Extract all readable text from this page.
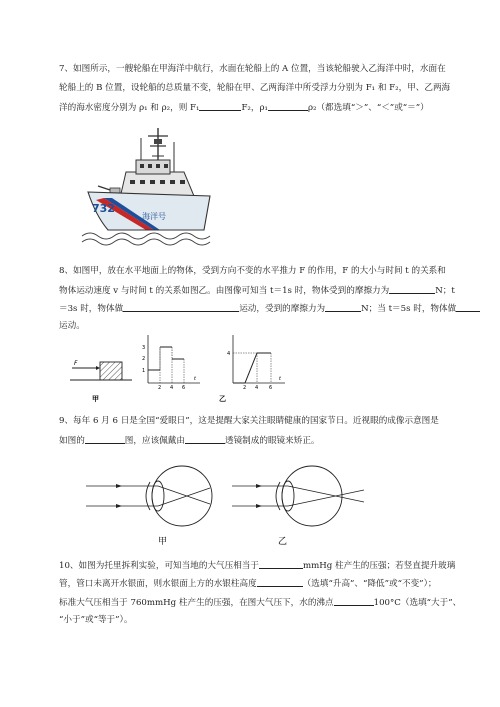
7、如图所示，一艘轮船在甲海洋中航行，水面在轮船上的 A 位置，当该轮船驶入乙海洋中时，水面在
轮船上的 B 位置，设轮船的总质量不变，轮船在甲、乙两海洋中所受浮力分别为 F₁ 和 F₂，甲、乙两海
洋的海水密度分别为 ρ₁ 和 ρ₂，则 F₁	F₂，ρ₁	ρ₂（都选填“＞”、“＜”或“＝”）
732
海洋号
8、如图甲，放在水平地面上的物体，受到方向不变的水平推力 F 的作用，F 的大小与时间 t 的关系和
物体运动速度 v 与时间 t 的关系如图乙。由图像可知当 t＝1s 时，物体受到的摩擦力为	N；t
＝3s 时，物体做	运动，受到的摩擦力为	N；当 t＝5s 时，物体做
运动。
F
甲
3
2
1
2 4 6
t
4
2 4 6
t
乙
9、每年 6 月 6 日是全国“爱眼日”，这是提醒大家关注眼睛健康的国家节日。近视眼的成像示意图是
如图的	图，应该佩戴由	透镜制成的眼镜来矫正。
甲	乙
10、如图为托里拆利实验，可知当地的大气压相当于	mmHg 柱产生的压强；若竖直提升玻璃
管，管口未离开水银面，则水银面上方的水银柱高度	（选填“升高”、“降低”或“不变”）；
标准大气压相当于 760mmHg 柱产生的压强，在图大气压下，水的沸点	100°C（选填“大于”、
“小于”或“等于”）。
